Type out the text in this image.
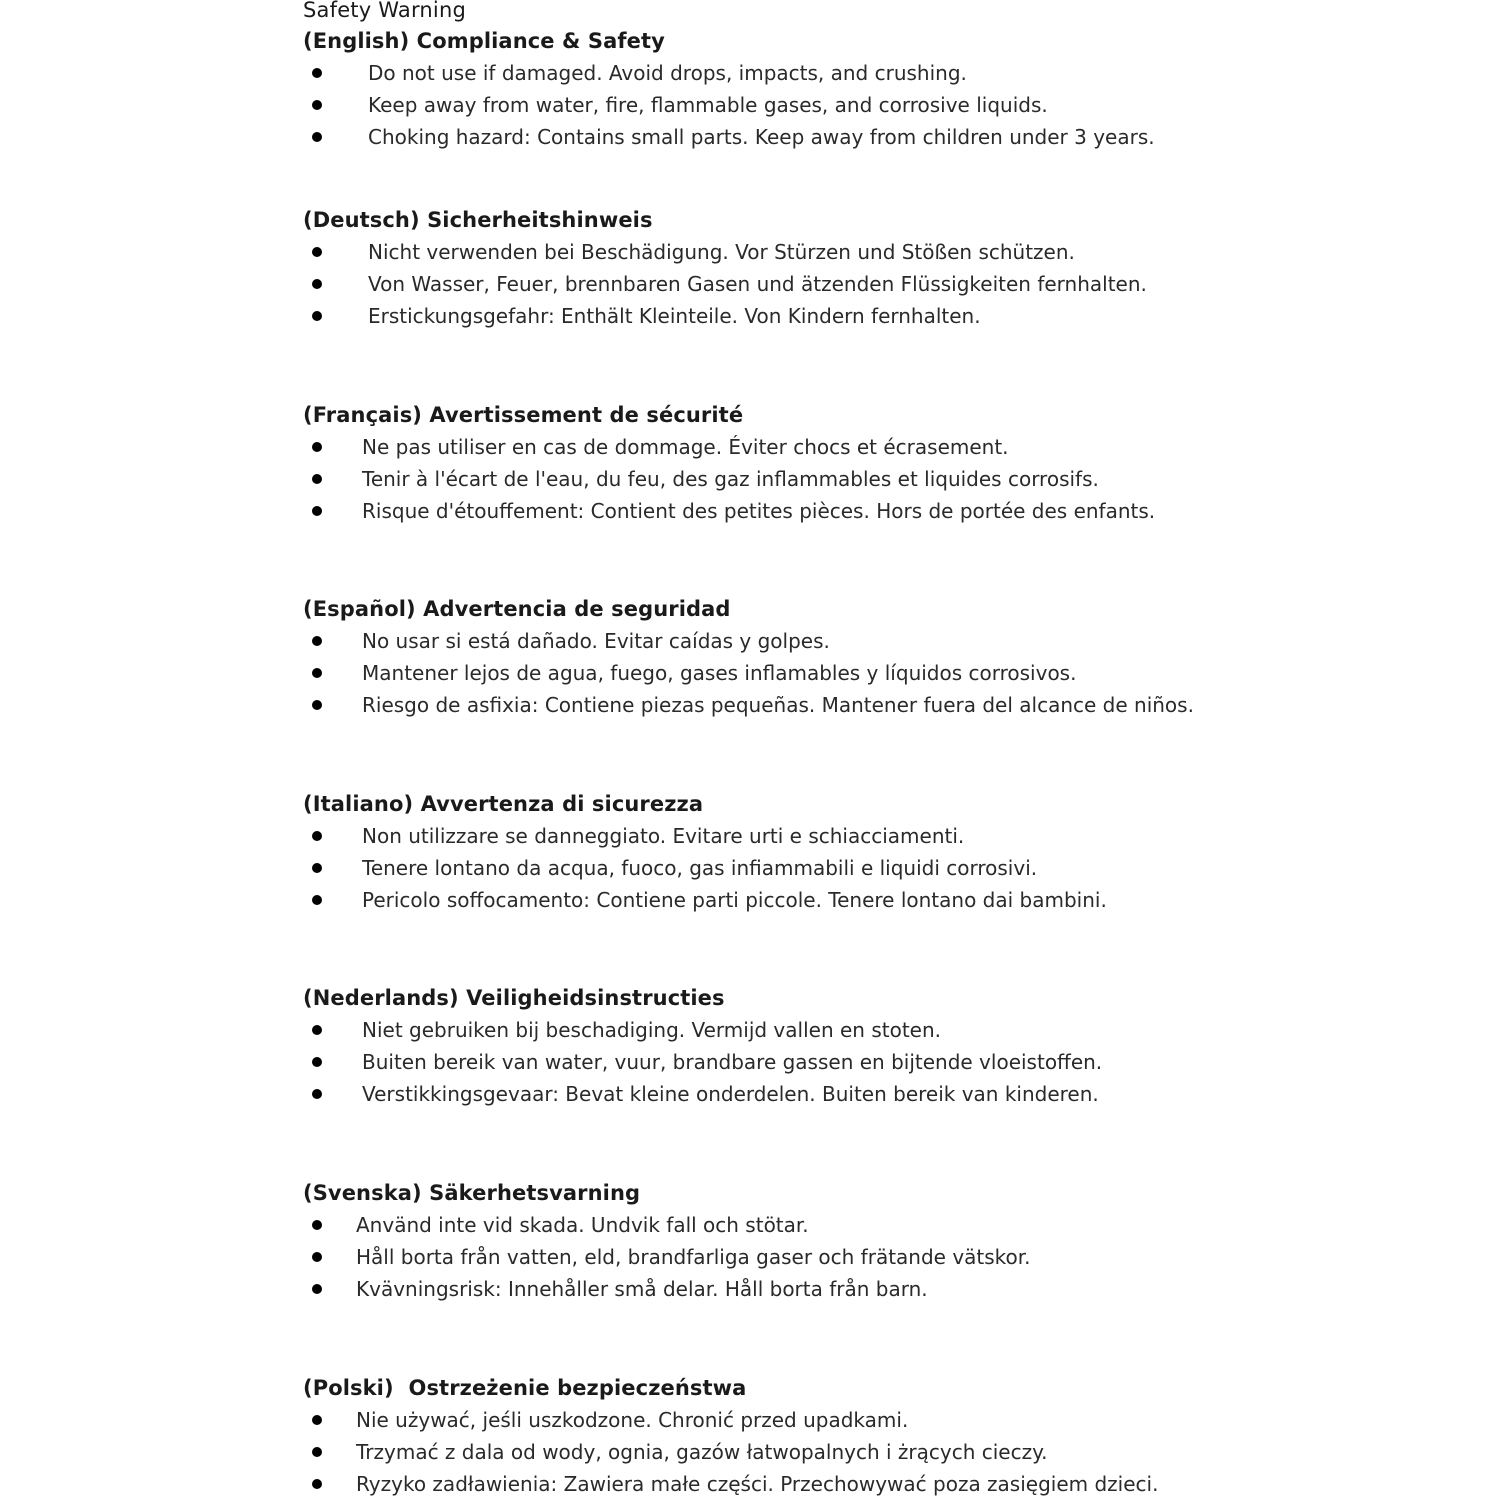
Safety Warning
(English) Compliance & Safety
Do not use if damaged. Avoid drops, impacts, and crushing.
Keep away from water, fire, flammable gases, and corrosive liquids.
Choking hazard: Contains small parts. Keep away from children under 3 years.
(Deutsch) Sicherheitshinweis
Nicht verwenden bei Beschädigung. Vor Stürzen und Stößen schützen.
Von Wasser, Feuer, brennbaren Gasen und ätzenden Flüssigkeiten fernhalten.
Erstickungsgefahr: Enthält Kleinteile. Von Kindern fernhalten.
(Français) Avertissement de sécurité
Ne pas utiliser en cas de dommage. Éviter chocs et écrasement.
Tenir à l'écart de l'eau, du feu, des gaz inflammables et liquides corrosifs.
Risque d'étouffement: Contient des petites pièces. Hors de portée des enfants.
(Español) Advertencia de seguridad
No usar si está dañado. Evitar caídas y golpes.
Mantener lejos de agua, fuego, gases inflamables y líquidos corrosivos.
Riesgo de asfixia: Contiene piezas pequeñas. Mantener fuera del alcance de niños.
(Italiano) Avvertenza di sicurezza
Non utilizzare se danneggiato. Evitare urti e schiacciamenti.
Tenere lontano da acqua, fuoco, gas infiammabili e liquidi corrosivi.
Pericolo soffocamento: Contiene parti piccole. Tenere lontano dai bambini.
(Nederlands) Veiligheidsinstructies
Niet gebruiken bij beschadiging. Vermijd vallen en stoten.
Buiten bereik van water, vuur, brandbare gassen en bijtende vloeistoffen.
Verstikkingsgevaar: Bevat kleine onderdelen. Buiten bereik van kinderen.
(Svenska) Säkerhetsvarning
Använd inte vid skada. Undvik fall och stötar.
Håll borta från vatten, eld, brandfarliga gaser och frätande vätskor.
Kvävningsrisk: Innehåller små delar. Håll borta från barn.
(Polski)  Ostrzeżenie bezpieczeństwa
Nie używać, jeśli uszkodzone. Chronić przed upadkami.
Trzymać z dala od wody, ognia, gazów łatwopalnych i żrących cieczy.
Ryzyko zadławienia: Zawiera małe części. Przechowywać poza zasięgiem dzieci.
